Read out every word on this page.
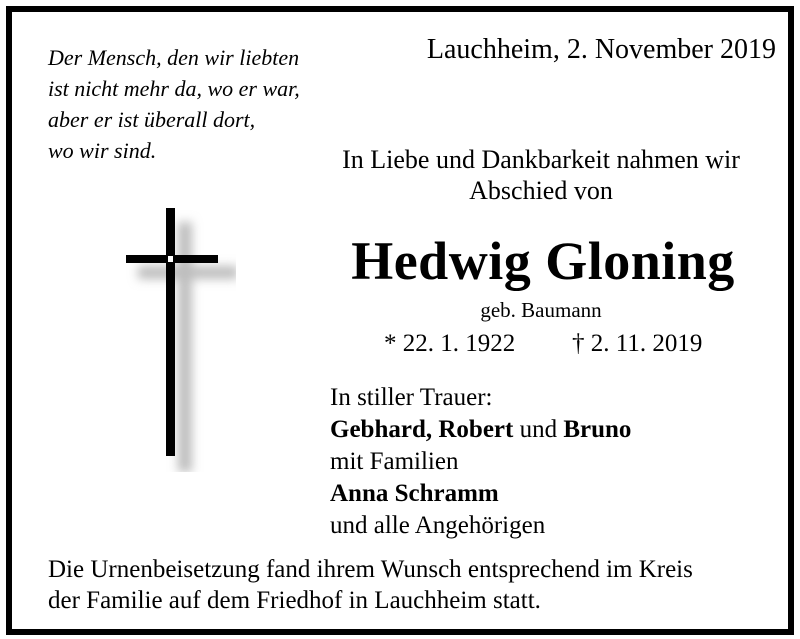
Der Mensch, den wir liebten
ist nicht mehr da, wo er war,
aber er ist überall dort,
wo wir sind.
Lauchheim, 2. November 2019
In Liebe und Dankbarkeit nahmen wir
Abschied von
Hedwig Gloning
geb. Baumann
* 22. 1. 1922 † 2. 11. 2019
In stiller Trauer:
Gebhard, Robert und Bruno
mit Familien
Anna Schramm
und alle Angehörigen
Die Urnenbeisetzung fand ihrem Wunsch entsprechend im Kreis
der Familie auf dem Friedhof in Lauchheim statt.
